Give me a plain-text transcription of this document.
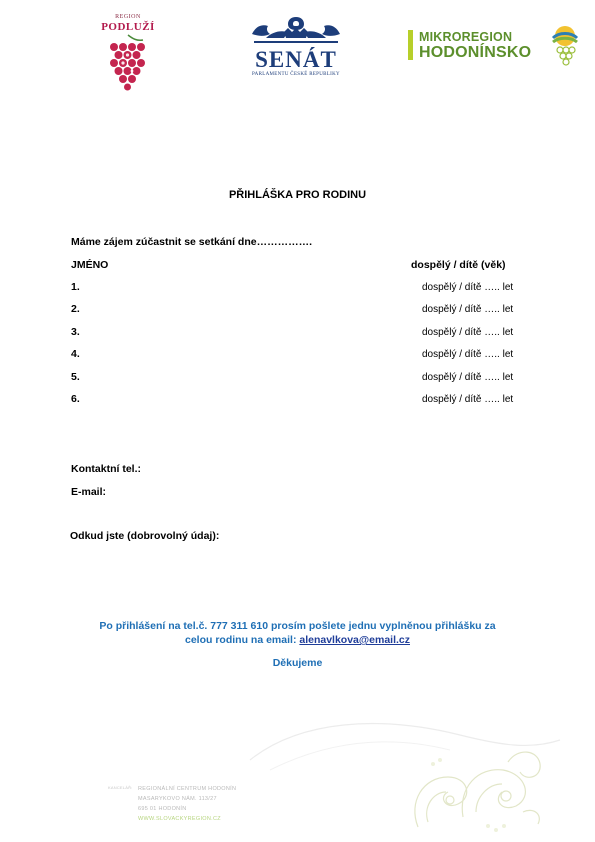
REGION
PODLUŽÍ
SENÁT
PARLAMENTU ČESKÉ REPUBLIKY
MIKROREGION
HODONÍNSKO
PŘIHLÁŠKA PRO RODINU
Máme zájem zúčastnit se setkání dne…………….
JMÉNO	dospělý / dítě (věk)
1.	dospělý / dítě ….. let
2.	dospělý / dítě ….. let
3.	dospělý / dítě ….. let
4.	dospělý / dítě ….. let
5.	dospělý / dítě ….. let
6.	dospělý / dítě ….. let
Kontaktní tel.:
E-mail:
Odkud jste (dobrovolný údaj):
Po přihlášení na tel.č. 777 311 610 prosím pošlete jednu vyplněnou přihlášku za
celou rodinu na email: alenavlkova@email.cz
Děkujeme
KANCELÁŘ: REGIONÁLNÍ CENTRUM HODONÍN
MASARYKOVO NÁM. 113/27
695 01 HODONÍN
WWW.SLOVACKYREGION.CZ
